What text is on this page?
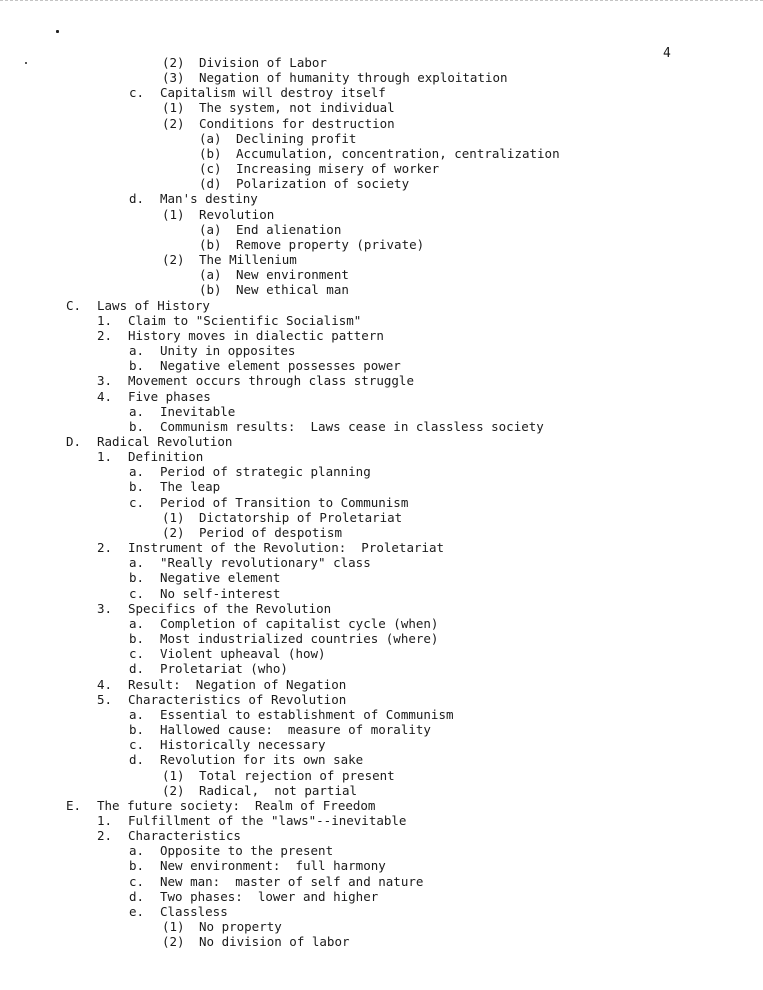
4
(2) Division of Labor
(3) Negation of humanity through exploitation
c. Capitalism will destroy itself
(1) The system, not individual
(2) Conditions for destruction
(a) Declining profit
(b) Accumulation, concentration, centralization
(c) Increasing misery of worker
(d) Polarization of society
d. Man's destiny
(1) Revolution
(a) End alienation
(b) Remove property (private)
(2) The Millenium
(a) New environment
(b) New ethical man
C. Laws of History
1. Claim to "Scientific Socialism"
2. History moves in dialectic pattern
a. Unity in opposites
b. Negative element possesses power
3. Movement occurs through class struggle
4. Five phases
a. Inevitable
b. Communism results:  Laws cease in classless society
D. Radical Revolution
1. Definition
a. Period of strategic planning
b. The leap
c. Period of Transition to Communism
(1) Dictatorship of Proletariat
(2) Period of despotism
2. Instrument of the Revolution:  Proletariat
a. "Really revolutionary" class
b. Negative element
c. No self-interest
3. Specifics of the Revolution
a. Completion of capitalist cycle (when)
b. Most industrialized countries (where)
c. Violent upheaval (how)
d. Proletariat (who)
4. Result:  Negation of Negation
5. Characteristics of Revolution
a. Essential to establishment of Communism
b. Hallowed cause:  measure of morality
c. Historically necessary
d. Revolution for its own sake
(1) Total rejection of present
(2) Radical,  not partial
E. The future society:  Realm of Freedom
1. Fulfillment of the "laws"--inevitable
2. Characteristics
a. Opposite to the present
b. New environment:  full harmony
c. New man:  master of self and nature
d. Two phases:  lower and higher
e. Classless
(1) No property
(2) No division of labor
